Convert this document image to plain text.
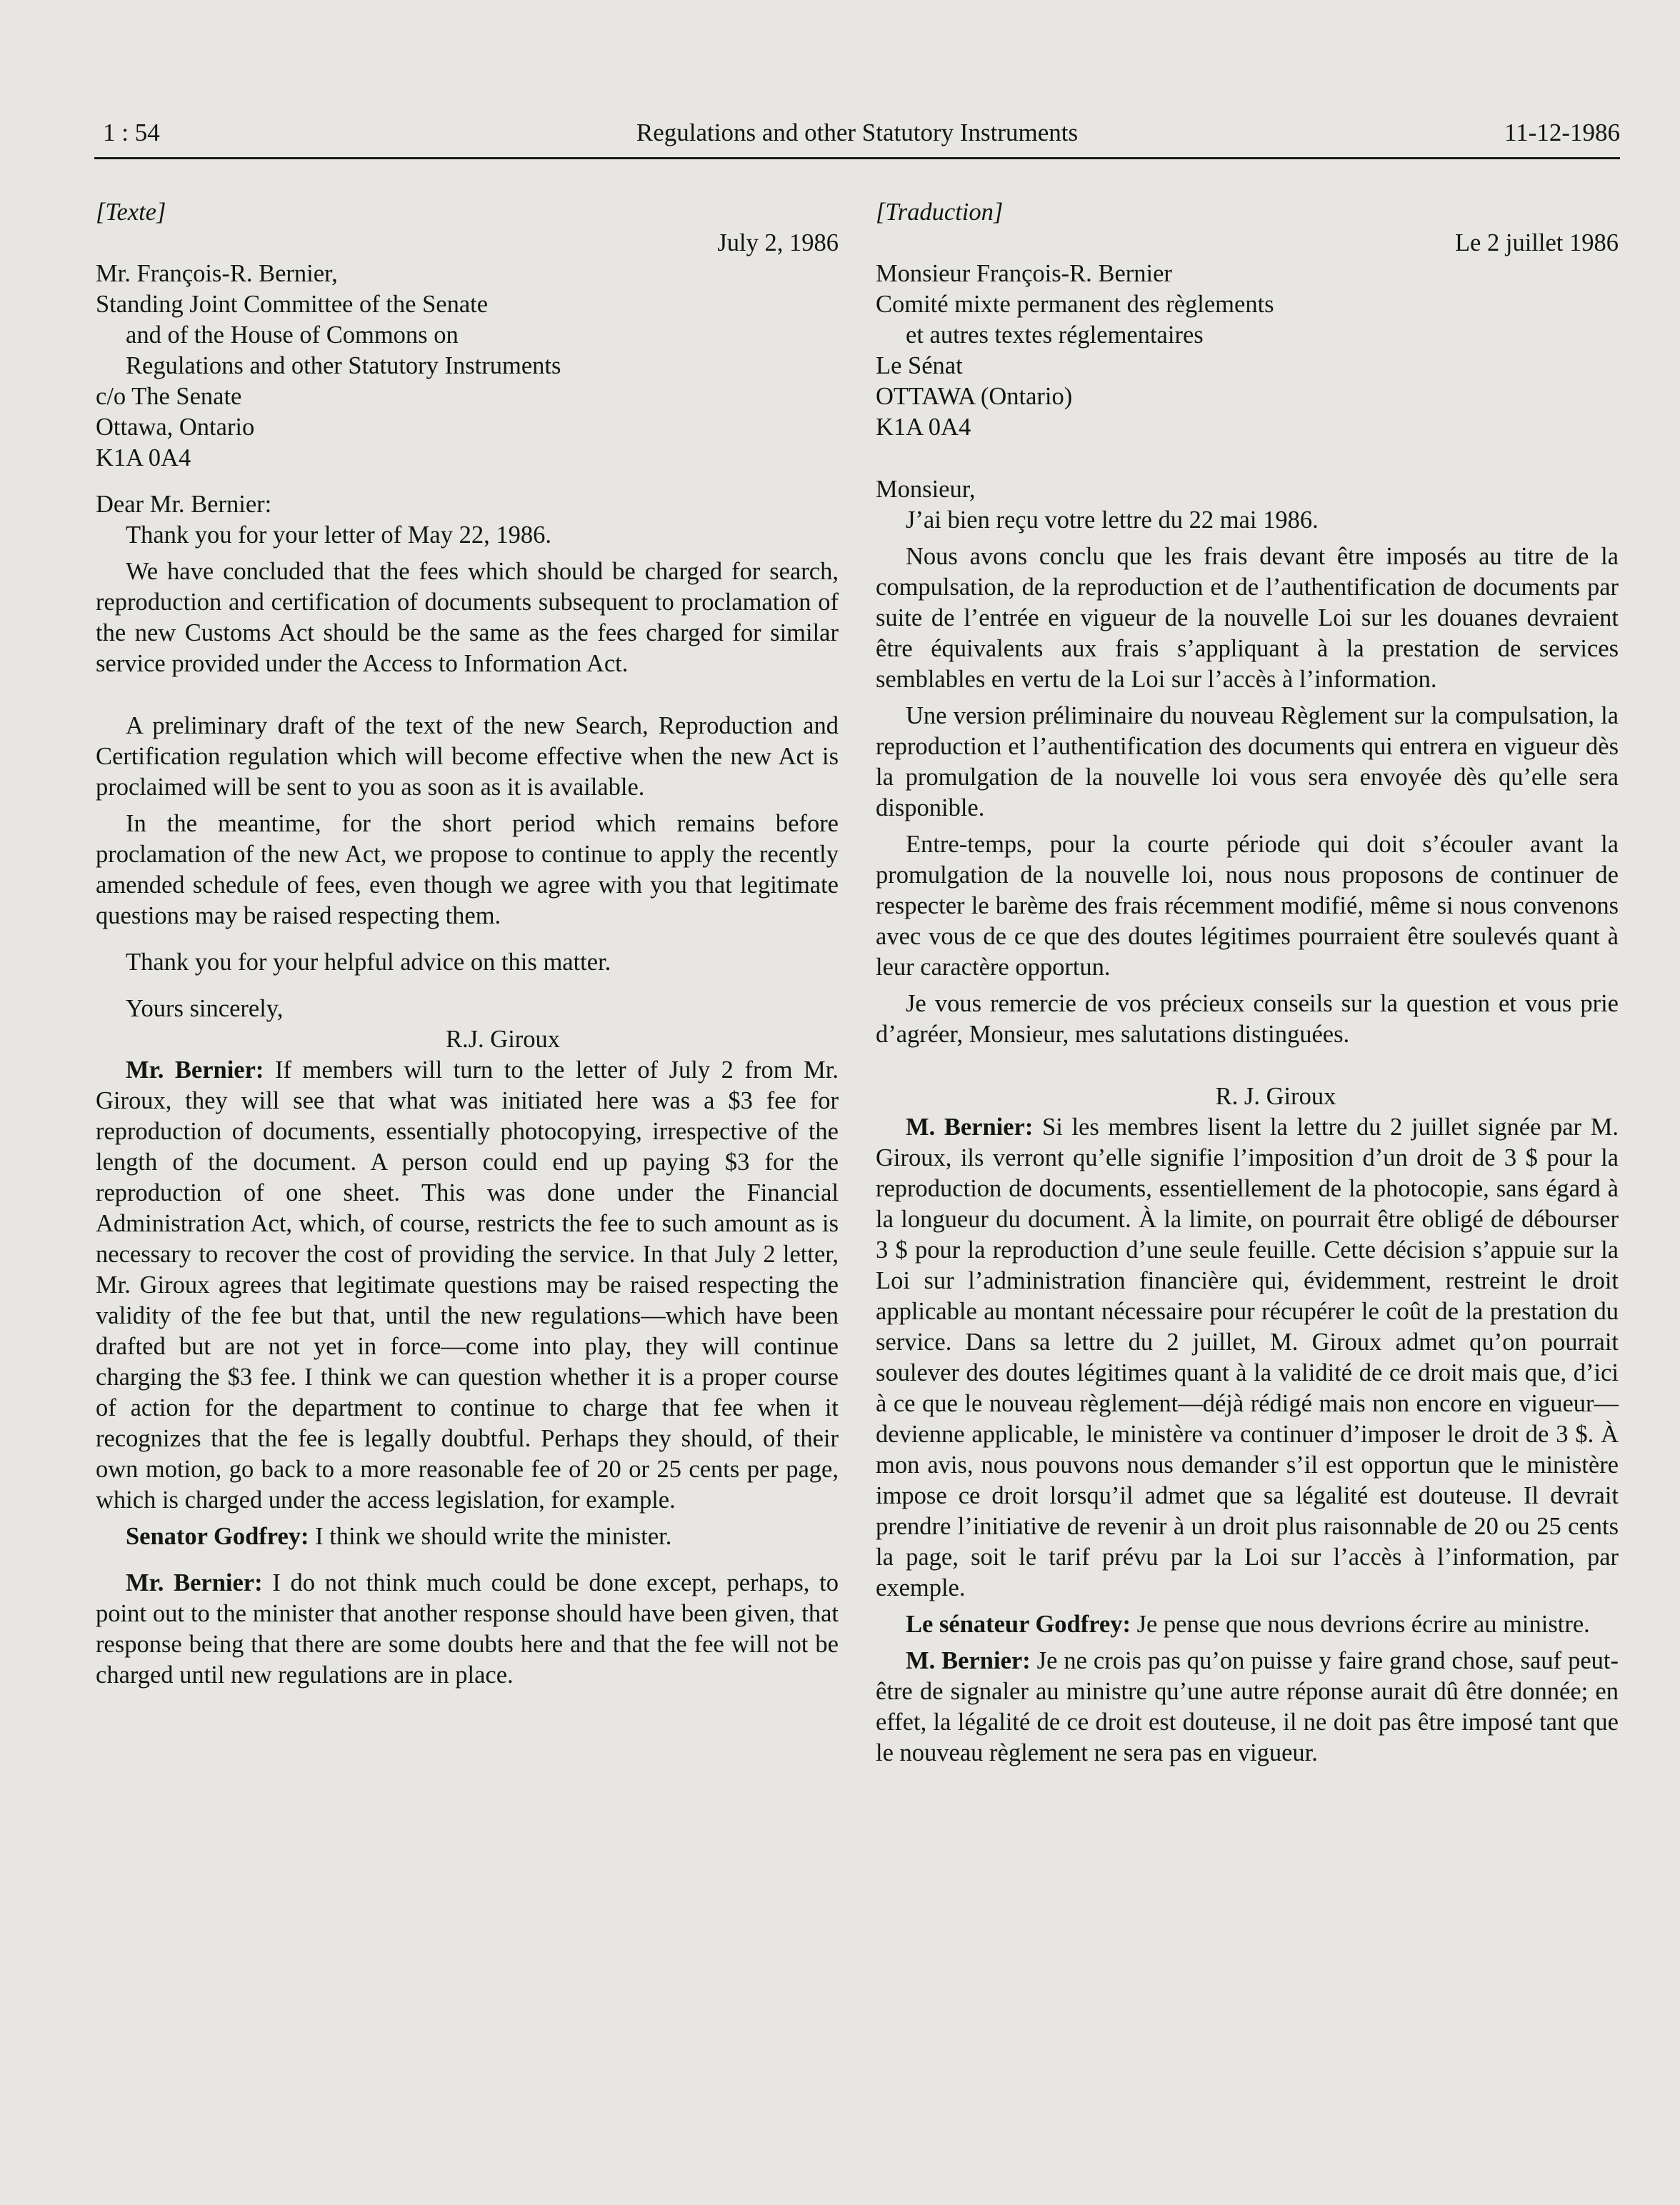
1 : 54	Regulations and other Statutory Instruments	11-12-1986

[Texte]

July 2, 1986

Mr. François-R. Bernier,

Standing Joint Committee of the Senate

and of the House of Commons on

Regulations and other Statutory Instruments

c/o The Senate

Ottawa, Ontario

K1A 0A4

Dear Mr. Bernier:

Thank you for your letter of May 22, 1986.

We have concluded that the fees which should be charged for search, reproduction and certification of documents subsequent to proclamation of the new Customs Act should be the same as the fees charged for similar service provided under the Access to Information Act.

A preliminary draft of the text of the new Search, Reproduction and Certification regulation which will become effective when the new Act is proclaimed will be sent to you as soon as it is available.

In the meantime, for the short period which remains before proclamation of the new Act, we propose to continue to apply the recently amended schedule of fees, even though we agree with you that legitimate questions may be raised respecting them.

Thank you for your helpful advice on this matter.

Yours sincerely,

R.J. Giroux

Mr. Bernier: If members will turn to the letter of July 2 from Mr. Giroux, they will see that what was initiated here was a $3 fee for reproduction of documents, essentially photocopying, irrespective of the length of the document. A person could end up paying $3 for the reproduction of one sheet. This was done under the Financial Administration Act, which, of course, restricts the fee to such amount as is necessary to recover the cost of providing the service. In that July 2 letter, Mr. Giroux agrees that legitimate questions may be raised respecting the validity of the fee but that, until the new regulations—which have been drafted but are not yet in force—come into play, they will continue charging the $3 fee. I think we can question whether it is a proper course of action for the department to continue to charge that fee when it recognizes that the fee is legally doubtful. Perhaps they should, of their own motion, go back to a more reasonable fee of 20 or 25 cents per page, which is charged under the access legislation, for example.

Senator Godfrey: I think we should write the minister.

Mr. Bernier: I do not think much could be done except, perhaps, to point out to the minister that another response should have been given, that response being that there are some doubts here and that the fee will not be charged until new regulations are in place.

[Traduction]

Le 2 juillet 1986

Monsieur François-R. Bernier

Comité mixte permanent des règlements

et autres textes réglementaires

Le Sénat

OTTAWA (Ontario)

K1A 0A4

Monsieur,

J’ai bien reçu votre lettre du 22 mai 1986.

Nous avons conclu que les frais devant être imposés au titre de la compulsation, de la reproduction et de l’authentification de documents par suite de l’entrée en vigueur de la nouvelle Loi sur les douanes devraient être équivalents aux frais s’appliquant à la prestation de services semblables en vertu de la Loi sur l’accès à l’information.

Une version préliminaire du nouveau Règlement sur la compulsation, la reproduction et l’authentification des documents qui entrera en vigueur dès la promulgation de la nouvelle loi vous sera envoyée dès qu’elle sera disponible.

Entre-temps, pour la courte période qui doit s’écouler avant la promulgation de la nouvelle loi, nous nous proposons de continuer de respecter le barème des frais récemment modifié, même si nous convenons avec vous de ce que des doutes légitimes pourraient être soulevés quant à leur caractère opportun.

Je vous remercie de vos précieux conseils sur la question et vous prie d’agréer, Monsieur, mes salutations distinguées.

R. J. Giroux

M. Bernier: Si les membres lisent la lettre du 2 juillet signée par M. Giroux, ils verront qu’elle signifie l’imposition d’un droit de 3 $ pour la reproduction de documents, essentiellement de la photocopie, sans égard à la longueur du document. À la limite, on pourrait être obligé de débourser 3 $ pour la reproduction d’une seule feuille. Cette décision s’appuie sur la Loi sur l’administration financière qui, évidemment, restreint le droit applicable au montant nécessaire pour récupérer le coût de la prestation du service. Dans sa lettre du 2 juillet, M. Giroux admet qu’on pourrait soulever des doutes légitimes quant à la validité de ce droit mais que, d’ici à ce que le nouveau règlement—déjà rédigé mais non encore en vigueur—devienne applicable, le ministère va continuer d’imposer le droit de 3 $. À mon avis, nous pouvons nous demander s’il est opportun que le ministère impose ce droit lorsqu’il admet que sa légalité est douteuse. Il devrait prendre l’initiative de revenir à un droit plus raisonnable de 20 ou 25 cents la page, soit le tarif prévu par la Loi sur l’accès à l’information, par exemple.

Le sénateur Godfrey: Je pense que nous devrions écrire au ministre.

M. Bernier: Je ne crois pas qu’on puisse y faire grand chose, sauf peut-être de signaler au ministre qu’une autre réponse aurait dû être donnée; en effet, la légalité de ce droit est douteuse, il ne doit pas être imposé tant que le nouveau règlement ne sera pas en vigueur.
